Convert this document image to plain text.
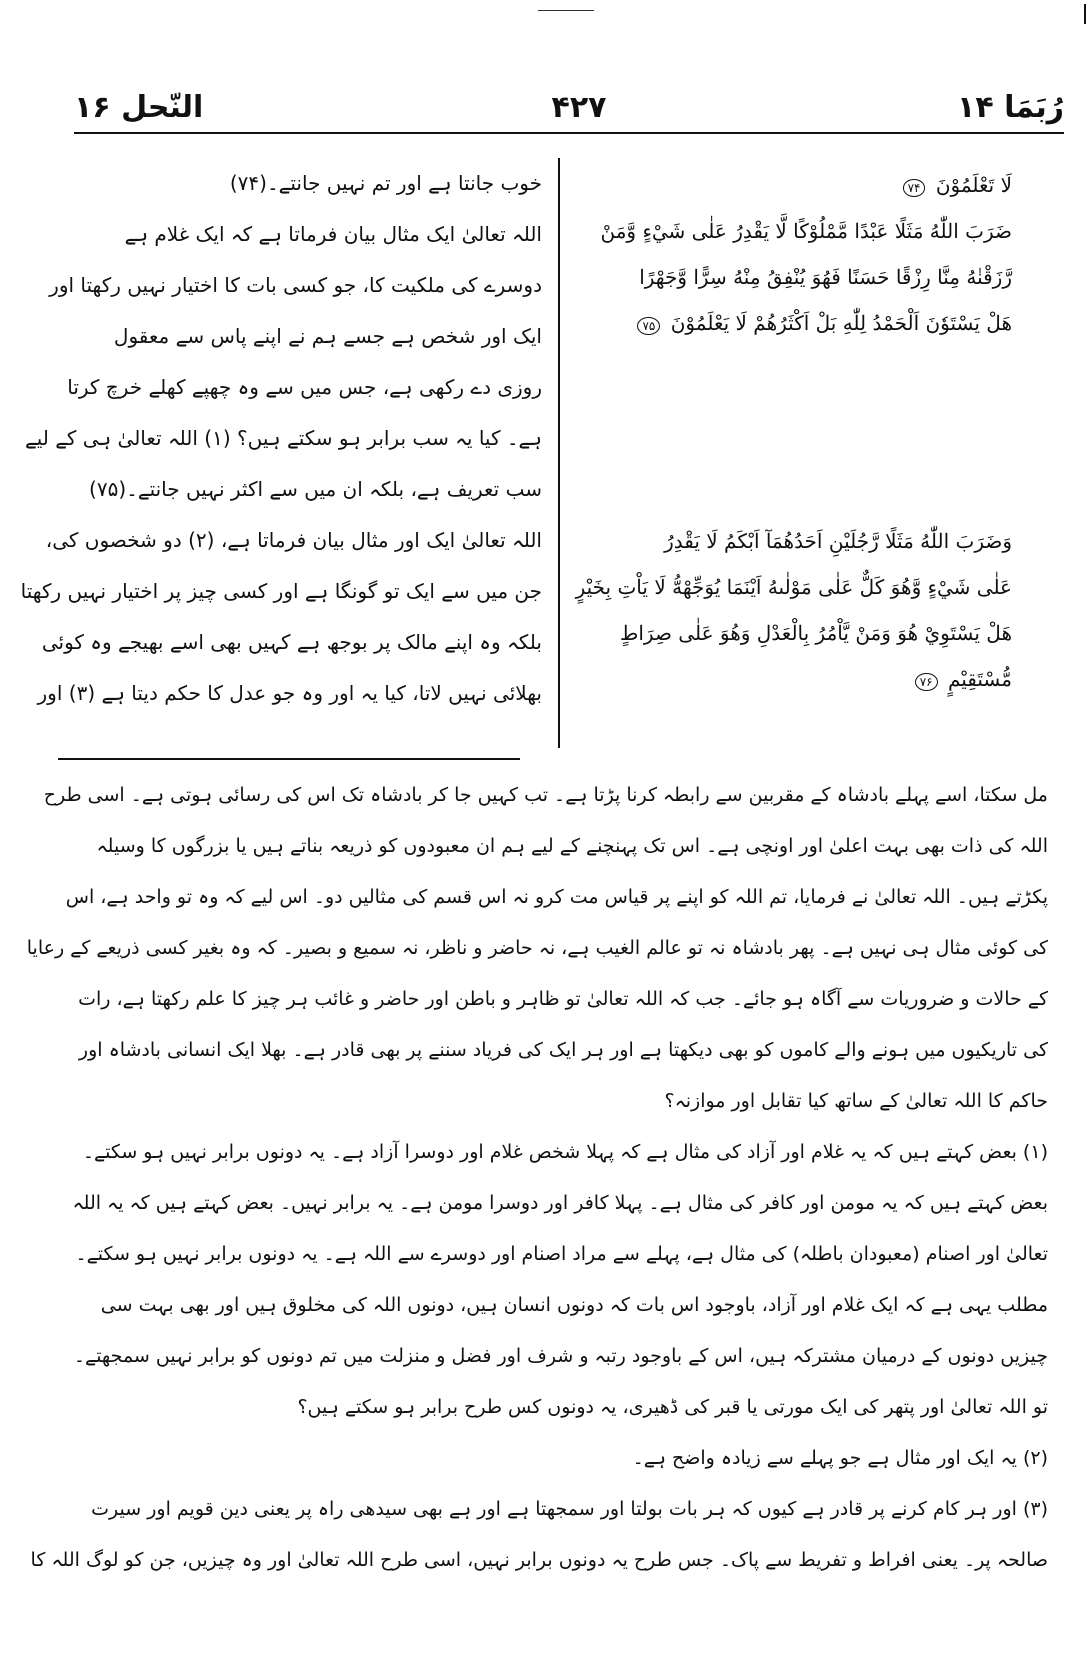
رُبَمَا ۱۴
۴۲۷
النّحل ۱۶
لَا تَعْلَمُوْنَ ۷۴
ضَرَبَ اللّٰهُ مَثَلًا عَبْدًا مَّمْلُوْكًا لَّا يَقْدِرُ عَلٰى شَيْءٍ وَّمَنْ
رَّزَقْنٰهُ مِنَّا رِزْقًا حَسَنًا فَهُوَ يُنْفِقُ مِنْهُ سِرًّا وَّجَهْرًا
هَلْ يَسْتَوٗنَ اَلْحَمْدُ لِلّٰهِ بَلْ اَكْثَرُهُمْ لَا يَعْلَمُوْنَ ۷۵
وَضَرَبَ اللّٰهُ مَثَلًا رَّجُلَيْنِ اَحَدُهُمَآ اَبْكَمُ لَا يَقْدِرُ
عَلٰى شَيْءٍ وَّهُوَ كَلٌّ عَلٰى مَوْلٰىهُ اَيْنَمَا يُوَجِّهْهُّ لَا يَاْتِ بِخَيْرٍ
هَلْ يَسْتَوِيْ هُوَ وَمَنْ يَّاْمُرُ بِالْعَدْلِ وَهُوَ عَلٰى صِرَاطٍ
مُّسْتَقِيْمٍ ۷۶
خوب جانتا ہے اور تم نہیں جانتے۔(۷۴)
اللہ تعالیٰ ایک مثال بیان فرماتا ہے کہ ایک غلام ہے
دوسرے کی ملکیت کا، جو کسی بات کا اختیار نہیں رکھتا اور
ایک اور شخص ہے جسے ہم نے اپنے پاس سے معقول
روزی دے رکھی ہے، جس میں سے وہ چھپے کھلے خرچ کرتا
ہے۔ کیا یہ سب برابر ہو سکتے ہیں؟ (۱) اللہ تعالیٰ ہی کے لیے
سب تعریف ہے، بلکہ ان میں سے اکثر نہیں جانتے۔(۷۵)
اللہ تعالیٰ ایک اور مثال بیان فرماتا ہے، (۲) دو شخصوں کی،
جن میں سے ایک تو گونگا ہے اور کسی چیز پر اختیار نہیں رکھتا
بلکہ وہ اپنے مالک پر بوجھ ہے کہیں بھی اسے بھیجے وہ کوئی
بھلائی نہیں لاتا، کیا یہ اور وہ جو عدل کا حکم دیتا ہے (۳) اور
مل سکتا، اسے پہلے بادشاہ کے مقربین سے رابطہ کرنا پڑتا ہے۔ تب کہیں جا کر بادشاہ تک اس کی رسائی ہوتی ہے۔ اسی طرح
اللہ کی ذات بھی بہت اعلیٰ اور اونچی ہے۔ اس تک پہنچنے کے لیے ہم ان معبودوں کو ذریعہ بناتے ہیں یا بزرگوں کا وسیلہ
پکڑتے ہیں۔ اللہ تعالیٰ نے فرمایا، تم اللہ کو اپنے پر قیاس مت کرو نہ اس قسم کی مثالیں دو۔ اس لیے کہ وہ تو واحد ہے، اس
کی کوئی مثال ہی نہیں ہے۔ پھر بادشاہ نہ تو عالم الغیب ہے، نہ حاضر و ناظر، نہ سمیع و بصیر۔ کہ وہ بغیر کسی ذریعے کے رعایا
کے حالات و ضروریات سے آگاہ ہو جائے۔ جب کہ اللہ تعالیٰ تو ظاہر و باطن اور حاضر و غائب ہر چیز کا علم رکھتا ہے، رات
کی تاریکیوں میں ہونے والے کاموں کو بھی دیکھتا ہے اور ہر ایک کی فریاد سننے پر بھی قادر ہے۔ بھلا ایک انسانی بادشاہ اور
حاکم کا اللہ تعالیٰ کے ساتھ کیا تقابل اور موازنہ؟
(۱) بعض کہتے ہیں کہ یہ غلام اور آزاد کی مثال ہے کہ پہلا شخص غلام اور دوسرا آزاد ہے۔ یہ دونوں برابر نہیں ہو سکتے۔
بعض کہتے ہیں کہ یہ مومن اور کافر کی مثال ہے۔ پہلا کافر اور دوسرا مومن ہے۔ یہ برابر نہیں۔ بعض کہتے ہیں کہ یہ اللہ
تعالیٰ اور اصنام (معبودان باطلہ) کی مثال ہے، پہلے سے مراد اصنام اور دوسرے سے اللہ ہے۔ یہ دونوں برابر نہیں ہو سکتے۔
مطلب یہی ہے کہ ایک غلام اور آزاد، باوجود اس بات کہ دونوں انسان ہیں، دونوں اللہ کی مخلوق ہیں اور بھی بہت سی
چیزیں دونوں کے درمیان مشترکہ ہیں، اس کے باوجود رتبہ و شرف اور فضل و منزلت میں تم دونوں کو برابر نہیں سمجھتے۔
تو اللہ تعالیٰ اور پتھر کی ایک مورتی یا قبر کی ڈھیری، یہ دونوں کس طرح برابر ہو سکتے ہیں؟
(۲) یہ ایک اور مثال ہے جو پہلے سے زیادہ واضح ہے۔
(۳) اور ہر کام کرنے پر قادر ہے کیوں کہ ہر بات بولتا اور سمجھتا ہے اور ہے بھی سیدھی راہ پر یعنی دین قویم اور سیرت
صالحہ پر۔ یعنی افراط و تفریط سے پاک۔ جس طرح یہ دونوں برابر نہیں، اسی طرح اللہ تعالیٰ اور وہ چیزیں، جن کو لوگ اللہ کا
